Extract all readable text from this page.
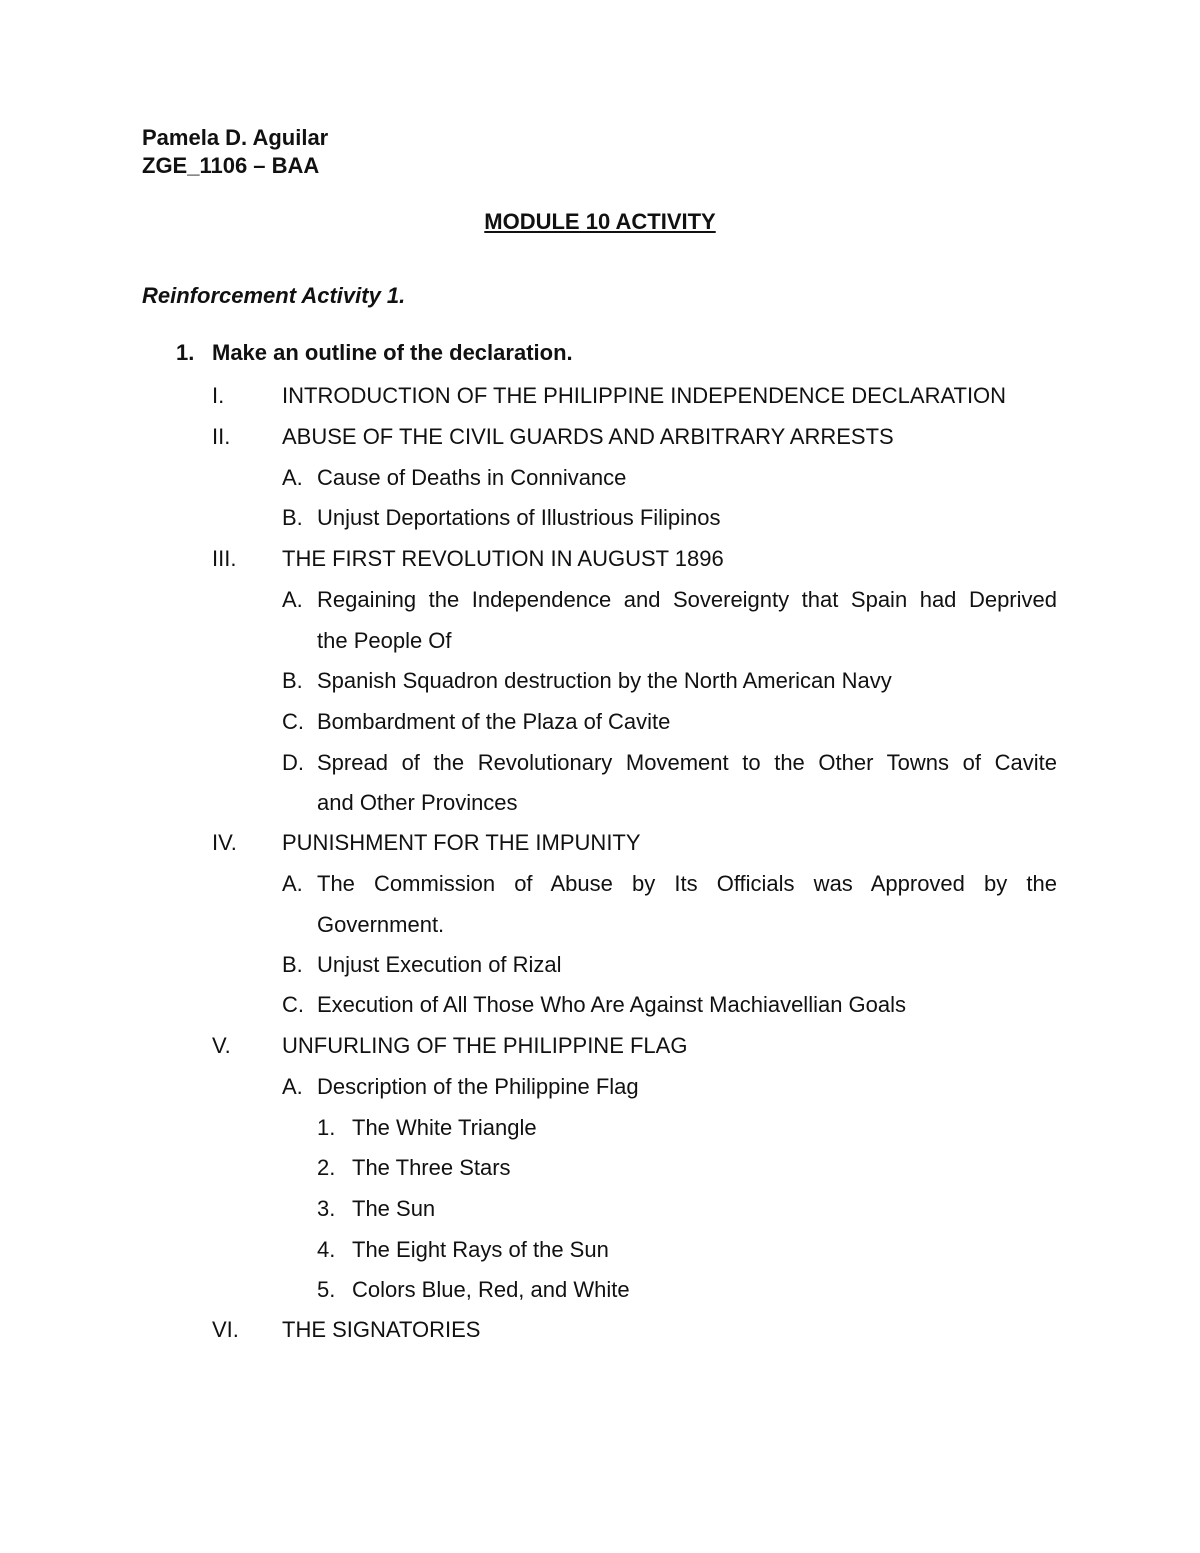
Pamela D. Aguilar
ZGE_1106 – BAA
MODULE 10 ACTIVITY
Reinforcement Activity 1.
1. Make an outline of the declaration.
I.	INTRODUCTION OF THE PHILIPPINE INDEPENDENCE DECLARATION
II. ABUSE OF THE CIVIL GUARDS AND ARBITRARY ARRESTS
A. Cause of Deaths in Connivance
B. Unjust Deportations of Illustrious Filipinos
III. THE FIRST REVOLUTION IN AUGUST 1896
A. Regaining the Independence and Sovereignty that Spain had Deprived
the People Of
B. Spanish Squadron destruction by the North American Navy
C. Bombardment of the Plaza of Cavite
D. Spread of the Revolutionary Movement to the Other Towns of Cavite
and Other Provinces
IV. PUNISHMENT FOR THE IMPUNITY
A. The Commission of Abuse by Its Officials was Approved by the
Government.
B. Unjust Execution of Rizal
C. Execution of All Those Who Are Against Machiavellian Goals
V. UNFURLING OF THE PHILIPPINE FLAG
A. Description of the Philippine Flag
1. The White Triangle
2. The Three Stars
3. The Sun
4. The Eight Rays of the Sun
5. Colors Blue, Red, and White
VI. THE SIGNATORIES
